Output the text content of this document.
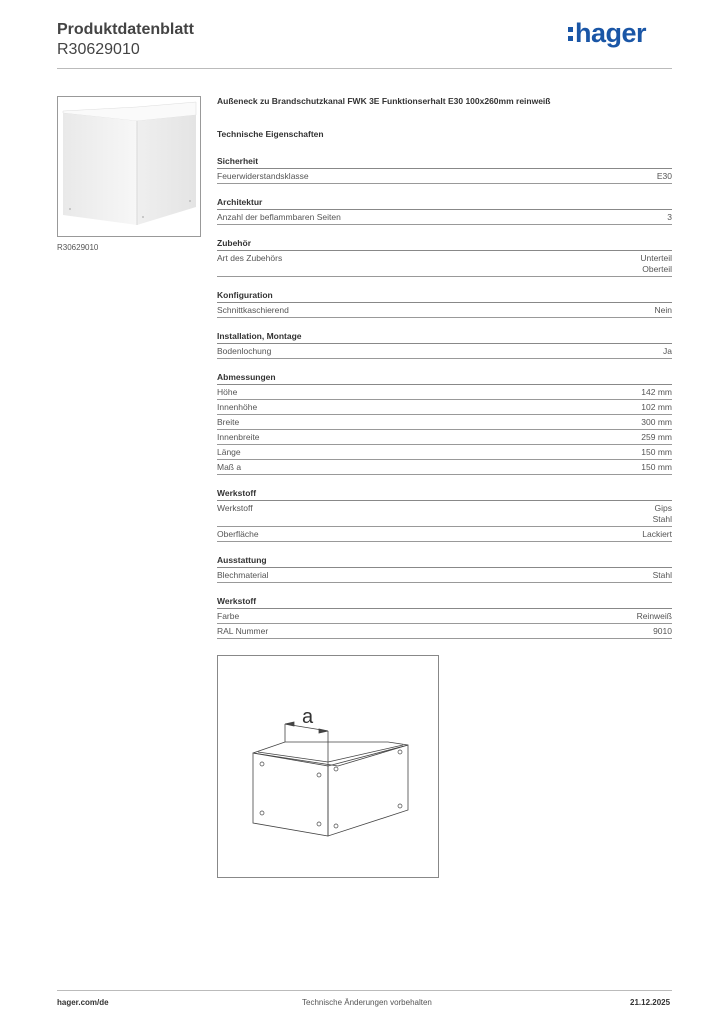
Produktdatenblatt
R30629010
hager
R30629010
Außeneck zu Brandschutzkanal FWK 3E Funktionserhalt E30 100x260mm reinweiß
Technische Eigenschaften
Sicherheit
Feuerwiderstandsklasse	E30
Architektur
Anzahl der beflammbaren Seiten	3
Zubehör
Art des Zubehörs	Unterteil
Oberteil
Konfiguration
Schnittkaschierend	Nein
Installation, Montage
Bodenlochung	Ja
Abmessungen
Höhe	142 mm
Innenhöhe	102 mm
Breite	300 mm
Innenbreite	259 mm
Länge	150 mm
Maß a	150 mm
Werkstoff
Werkstoff	Gips
Stahl
Oberfläche	Lackiert
Ausstattung
Blechmaterial	Stahl
Werkstoff
Farbe	Reinweiß
RAL Nummer	9010
a
hager.com/de	Technische Änderungen vorbehalten	21.12.2025
